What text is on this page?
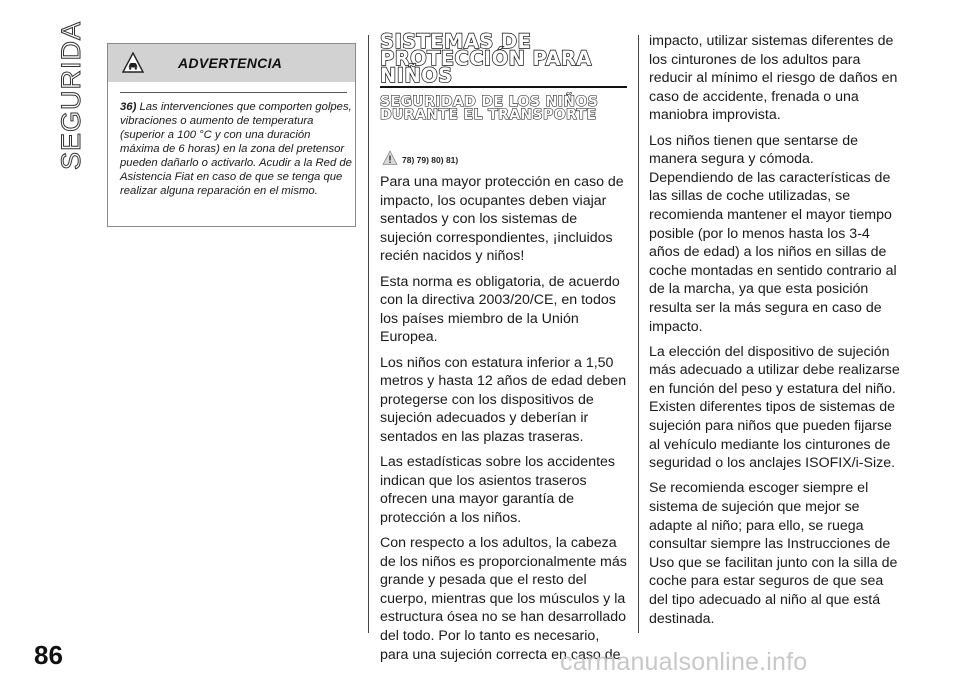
SEGURIDAD	ADVERTENCIA
36) Las intervenciones que comporten golpes, vibraciones o aumento de temperatura (superior a 100 °C y con una duración máxima de 6 horas) en la zona del pretensor pueden dañarlo o activarlo. Acudir a la Red de Asistencia Fiat en caso de que se tenga que realizar alguna reparación en el mismo.
SISTEMAS DE PROTECCIÓN PARA NIÑOS
SEGURIDAD DE LOS NIÑOS DURANTE EL TRANSPORTE
78) 79) 80) 81)

Para una mayor protección en caso de impacto, los ocupantes deben viajar sentados y con los sistemas de sujeción correspondientes, ¡incluidos recién nacidos y niños!

Esta norma es obligatoria, de acuerdo con la directiva 2003/20/CE, en todos los países miembro de la Unión Europea.

Los niños con estatura inferior a 1,50 metros y hasta 12 años de edad deben protegerse con los dispositivos de sujeción adecuados y deberían ir sentados en las plazas traseras.

Las estadísticas sobre los accidentes indican que los asientos traseros ofrecen una mayor garantía de protección a los niños.

Con respecto a los adultos, la cabeza de los niños es proporcionalmente más grande y pesada que el resto del cuerpo, mientras que los músculos y la estructura ósea no se han desarrollado del todo. Por lo tanto es necesario, para una sujeción correcta en caso de

impacto, utilizar sistemas diferentes de los cinturones de los adultos para reducir al mínimo el riesgo de daños en caso de accidente, frenada o una maniobra improvista.

Los niños tienen que sentarse de manera segura y cómoda. Dependiendo de las características de las sillas de coche utilizadas, se recomienda mantener el mayor tiempo posible (por lo menos hasta los 3-4 años de edad) a los niños en sillas de coche montadas en sentido contrario al de la marcha, ya que esta posición resulta ser la más segura en caso de impacto.

La elección del dispositivo de sujeción más adecuado a utilizar debe realizarse en función del peso y estatura del niño. Existen diferentes tipos de sistemas de sujeción para niños que pueden fijarse al vehículo mediante los cinturones de seguridad o los anclajes ISOFIX/i-Size.

Se recomienda escoger siempre el sistema de sujeción que mejor se adapte al niño; para ello, se ruega consultar siempre las Instrucciones de Uso que se facilitan junto con la silla de coche para estar seguros de que sea del tipo adecuado al niño al que está destinada.

86	carmanualsonline.info
